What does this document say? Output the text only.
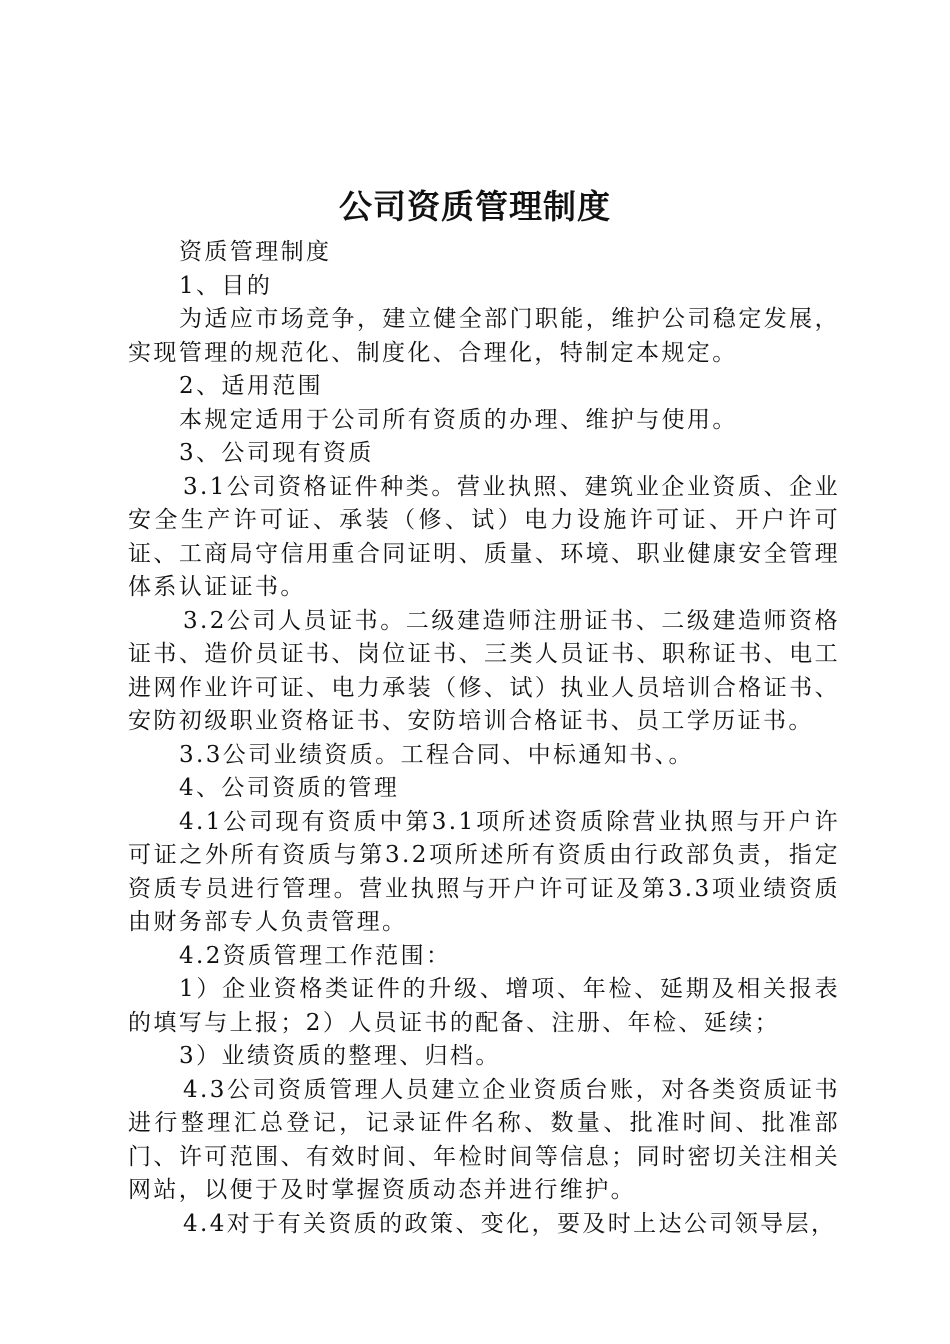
公司资质管理制度

资质管理制度

1、目的

为适应市场竞争，建立健全部门职能，维护公司稳定发展，实现管理的规范化、制度化、合理化，特制定本规定。

2、适用范围

本规定适用于公司所有资质的办理、维护与使用。

3、公司现有资质

3.1公司资格证件种类。营业执照、建筑业企业资质、企业安全生产许可证、承装（修、试）电力设施许可证、开户许可证、工商局守信用重合同证明、质量、环境、职业健康安全管理体系认证证书。

3.2公司人员证书。二级建造师注册证书、二级建造师资格证书、造价员证书、岗位证书、三类人员证书、职称证书、电工进网作业许可证、电力承装（修、试）执业人员培训合格证书、安防初级职业资格证书、安防培训合格证书、员工学历证书。

3.3公司业绩资质。工程合同、中标通知书、。

4、公司资质的管理

4.1公司现有资质中第3.1项所述资质除营业执照与开户许可证之外所有资质与第3.2项所述所有资质由行政部负责，指定资质专员进行管理。营业执照与开户许可证及第3.3项业绩资质由财务部专人负责管理。

4.2资质管理工作范围：

1）企业资格类证件的升级、增项、年检、延期及相关报表的填写与上报；2）人员证书的配备、注册、年检、延续；

3）业绩资质的整理、归档。

4.3公司资质管理人员建立企业资质台账，对各类资质证书进行整理汇总登记，记录证件名称、数量、批准时间、批准部门、许可范围、有效时间、年检时间等信息；同时密切关注相关网站，以便于及时掌握资质动态并进行维护。

4.4对于有关资质的政策、变化，要及时上达公司领导层，
